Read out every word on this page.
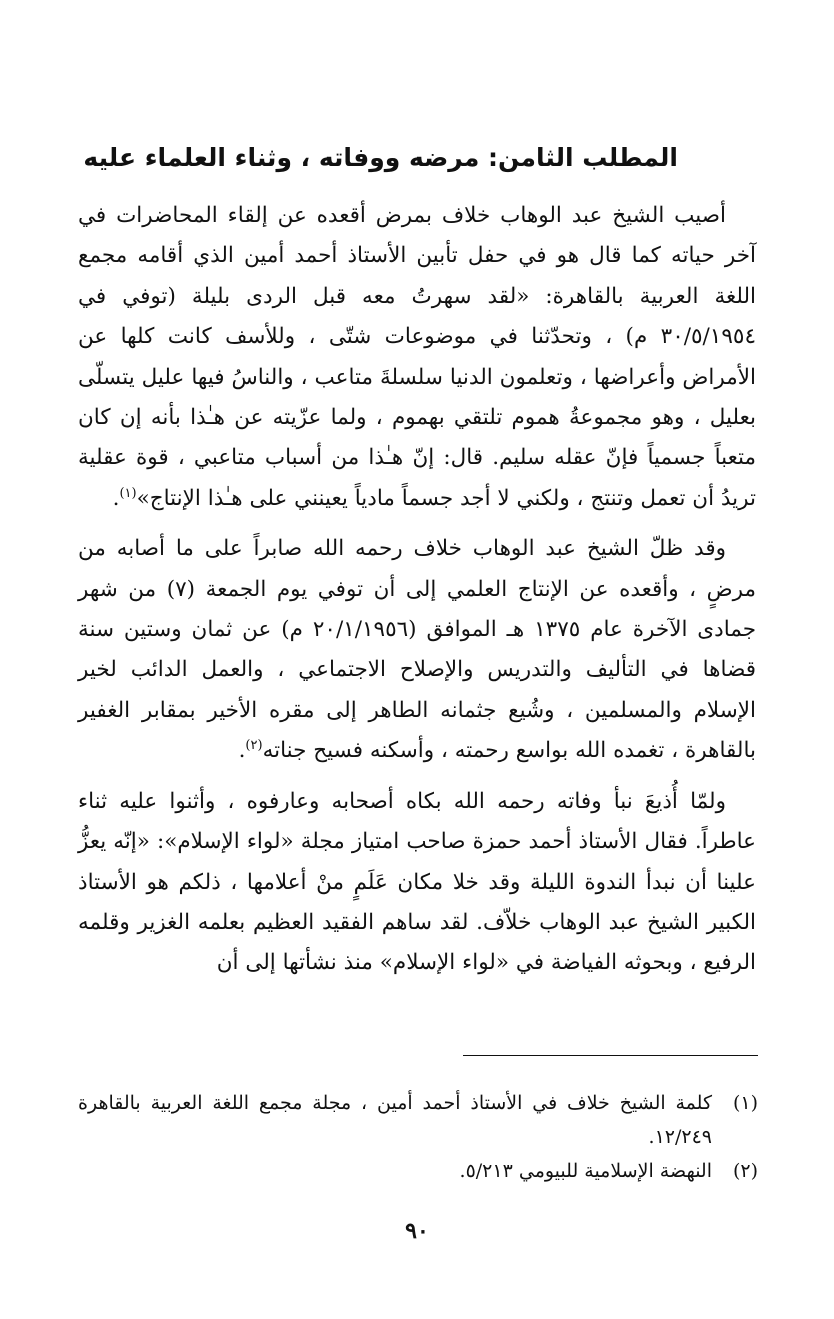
المطلب الثامن: مرضه ووفاته ، وثناء العلماء عليه

أصيب الشيخ عبد الوهاب خلاف بمرض أقعده عن إلقاء المحاضرات في آخر حياته كما قال هو في حفل تأبين الأستاذ أحمد أمين الذي أقامه مجمع اللغة العربية بالقاهرة: «لقد سهرتُ معه قبل الردى بليلة (توفي في ٣٠/٥/١٩٥٤ م) ، وتحدّثنا في موضوعات شتّى ، وللأسف كانت كلها عن الأمراض وأعراضها ، وتعلمون الدنيا سلسلةَ متاعب ، والناسُ فيها عليل يتسلّى بعليل ، وهو مجموعةُ هموم تلتقي بهموم ، ولما عزّيته عن هـٰذا بأنه إن كان متعباً جسمياً فإنّ عقله سليم. قال: إنّ هـٰذا من أسباب متاعبي ، قوة عقلية تريدُ أن تعمل وتنتج ، ولكني لا أجد جسماً مادياً يعينني على هـٰذا الإنتاج»$^{(١)}$.

وقد ظلّ الشيخ عبد الوهاب خلاف رحمه الله صابراً على ما أصابه من مرضٍ ، وأقعده عن الإنتاج العلمي إلى أن توفي يوم الجمعة (٧) من شهر جمادى الآخرة عام ١٣٧٥ هـ الموافق (٢٠/١/١٩٥٦ م) عن ثمان وستين سنة قضاها في التأليف والتدريس والإصلاح الاجتماعي ، والعمل الدائب لخير الإسلام والمسلمين ، وشُيع جثمانه الطاهر إلى مقره الأخير بمقابر الغفير بالقاهرة ، تغمده الله بواسع رحمته ، وأسكنه فسيح جناته$^{(٢)}$.

ولمّا أُذيعَ نبأ وفاته رحمه الله بكاه أصحابه وعارفوه ، وأثنوا عليه ثناء عاطراً. فقال الأستاذ أحمد حمزة صاحب امتياز مجلة «لواء الإسلام»: «إنّه يعزُّ علينا أن نبدأ الندوة الليلة وقد خلا مكان عَلَمٍ منْ أعلامها ، ذلكم هو الأستاذ الكبير الشيخ عبد الوهاب خلاّف. لقد ساهم الفقيد العظيم بعلمه الغزير وقلمه الرفيع ، وبحوثه الفياضة في «لواء الإسلام» منذ نشأتها إلى أن

(١)
كلمة الشيخ خلاف في الأستاذ أحمد أمين ، مجلة مجمع اللغة العربية بالقاهرة ١٢/٢٤٩.

(٢)
النهضة الإسلامية للبيومي ٥/٢١٣.

٩٠
